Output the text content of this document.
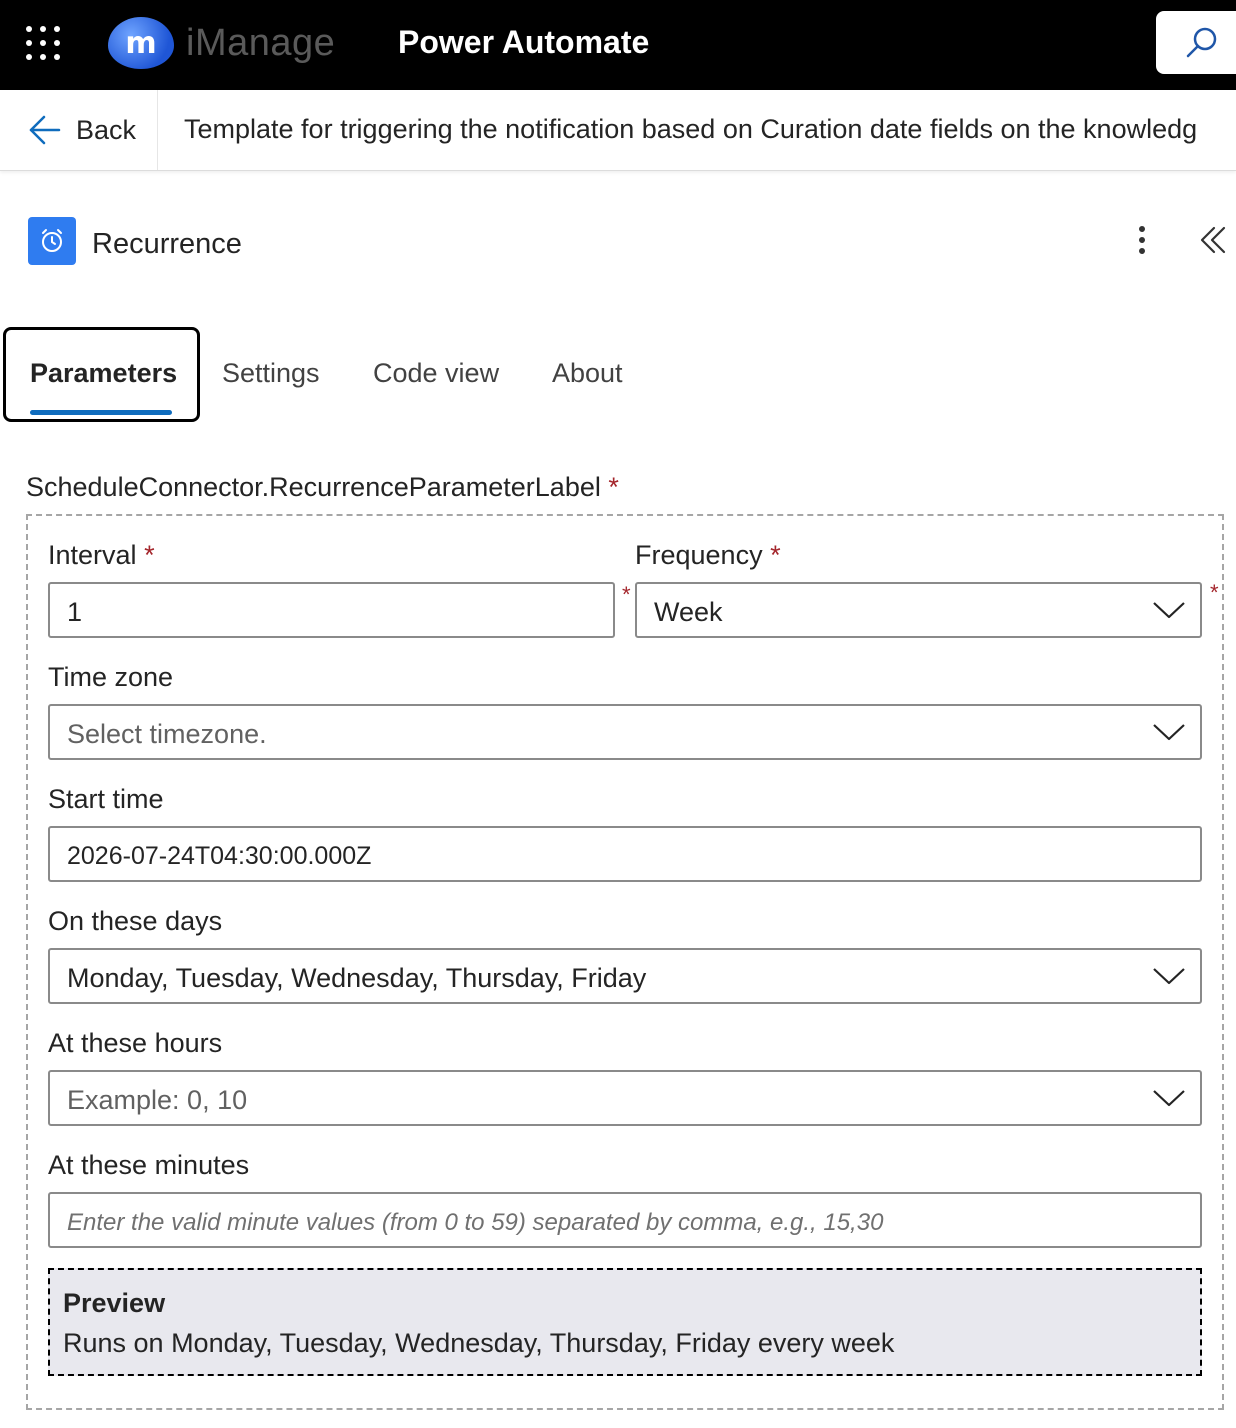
m iManage Power Automate
Back Template for triggering the notification based on Curation date fields on the knowledg
Recurrence
Parameters Settings Code view About
ScheduleConnector.RecurrenceParameterLabel *
Interval *
1
*
Frequency *
Week
*
Time zone
Select timezone.
Start time
2026-07-24T04:30:00.000Z
On these days
Monday, Tuesday, Wednesday, Thursday, Friday
At these hours
Example: 0, 10
At these minutes
Enter the valid minute values (from 0 to 59) separated by comma, e.g., 15,30
Preview
Runs on Monday, Tuesday, Wednesday, Thursday, Friday every week
